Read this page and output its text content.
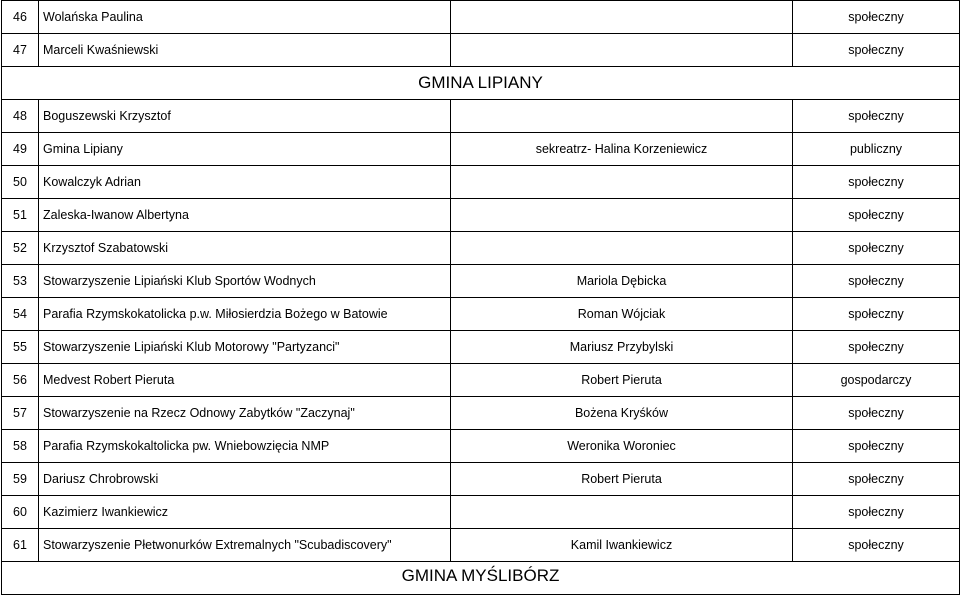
46	Wolańska Paulina		społeczny
47	Marceli Kwaśniewski		społeczny
GMINA LIPIANY			
48	Boguszewski Krzysztof		społeczny
49	Gmina Lipiany	sekreatrz- Halina Korzeniewicz	publiczny
50	Kowalczyk Adrian		społeczny
51	Zaleska-Iwanow Albertyna		społeczny
52	Krzysztof Szabatowski		społeczny
53	Stowarzyszenie Lipiański Klub Sportów Wodnych	Mariola Dębicka	społeczny
54	Parafia Rzymskokatolicka p.w. Miłosierdzia Bożego w Batowie	Roman Wójciak	społeczny
55	Stowarzyszenie Lipiański Klub Motorowy "Partyzanci"	Mariusz Przybylski	społeczny
56	Medvest Robert Pieruta	Robert Pieruta	gospodarczy
57	Stowarzyszenie na Rzecz Odnowy Zabytków "Zaczynaj"	Bożena Kryśków	społeczny
58	Parafia Rzymskokaltolicka pw. Wniebowzięcia NMP	Weronika Woroniec	społeczny
59	Dariusz Chrobrowski	Robert Pieruta	społeczny
60	Kazimierz Iwankiewicz		społeczny
61	Stowarzyszenie Płetwonurków Extremalnych "Scubadiscovery"	Kamil Iwankiewicz	społeczny
GMINA MYŚLIBÓRZ			
